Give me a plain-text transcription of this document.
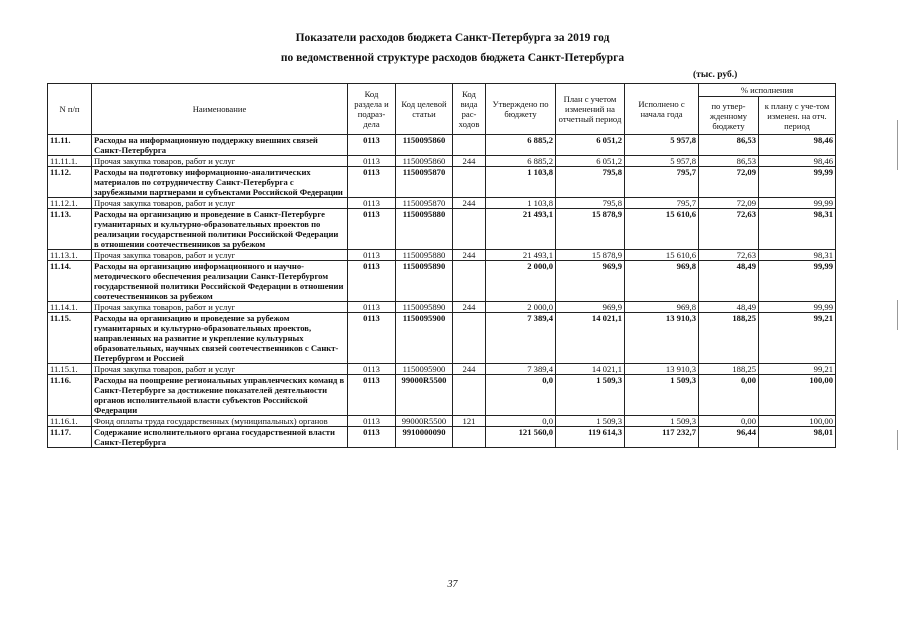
Показатели расходов бюджета Санкт-Петербурга за 2019 год
по ведомственной структуре расходов бюджета Санкт-Петербурга
(тыс. руб.)
N п/п	Наименование	Код раздела и подраз-дела	Код целевой статьи	Код вида рас-ходов	Утверждено по бюджету	План с учетом изменений на отчетный период	Исполнено с начала года	% исполнения	
								по утвер-жденному бюджету	к плану с уче-том изменен. на отч. период
11.11.	Расходы на информационную поддержку внешних связей Санкт-Петербурга	0113	1150095860		6 885,2	6 051,2	5 957,8	86,53	98,46
11.11.1.	Прочая закупка товаров, работ и услуг	0113	1150095860	244	6 885,2	6 051,2	5 957,8	86,53	98,46
11.12.	Расходы на подготовку информационно-аналитических материалов по сотрудничеству Санкт-Петербурга с зарубежными партнерами и субъектами Российской Федерации	0113	1150095870		1 103,8	795,8	795,7	72,09	99,99
11.12.1.	Прочая закупка товаров, работ и услуг	0113	1150095870	244	1 103,8	795,8	795,7	72,09	99,99
11.13.	Расходы на организацию и проведение в Санкт-Петербурге гуманитарных и культурно-образовательных проектов по реализации государственной политики Российской Федерации в отношении соотечественников за рубежом	0113	1150095880		21 493,1	15 878,9	15 610,6	72,63	98,31
11.13.1.	Прочая закупка товаров, работ и услуг	0113	1150095880	244	21 493,1	15 878,9	15 610,6	72,63	98,31
11.14.	Расходы на организацию информационного и научно-методического обеспечения реализации Санкт-Петербургом государственной политики Российской Федерации в отношении соотечественников за рубежом	0113	1150095890		2 000,0	969,9	969,8	48,49	99,99
11.14.1.	Прочая закупка товаров, работ и услуг	0113	1150095890	244	2 000,0	969,9	969,8	48,49	99,99
11.15.	Расходы на организацию и проведение за рубежом гуманитарных и культурно-образовательных проектов, направленных на развитие и укрепление культурных образовательных, научных связей соотечественников с Санкт-Петербургом и Россией	0113	1150095900		7 389,4	14 021,1	13 910,3	188,25	99,21
11.15.1.	Прочая закупка товаров, работ и услуг	0113	1150095900	244	7 389,4	14 021,1	13 910,3	188,25	99,21
11.16.	Расходы на поощрение региональных управленческих команд в Санкт-Петербурге за достижение показателей деятельности органов исполнительной власти субъектов Российской Федерации	0113	99000R5500		0,0	1 509,3	1 509,3	0,00	100,00
11.16.1.	Фонд оплаты труда государственных (муниципальных) органов	0113	99000R5500	121	0,0	1 509,3	1 509,3	0,00	100,00
11.17.	Содержание исполнительного органа государственной власти Санкт-Петербурга	0113	9910000090		121 560,0	119 614,3	117 232,7	96,44	98,01
37
